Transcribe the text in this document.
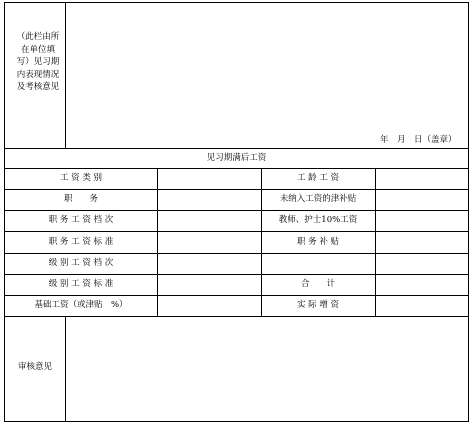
（此栏由所在单位填写）见习期内表现情况及考核意见
年　月　日（盖章）
见习期满后工资
工 资 类 别	工 龄 工 资
职　　务	未纳入工资的津补贴
职 务 工 资 档 次	教师、护士10%工资
职 务 工 资 标 准	职 务 补 贴
级 别 工 资 档 次
级 别 工 资 标 准	合　　计
基础工资（或津贴　%）	实 际 增 资
审核意见
